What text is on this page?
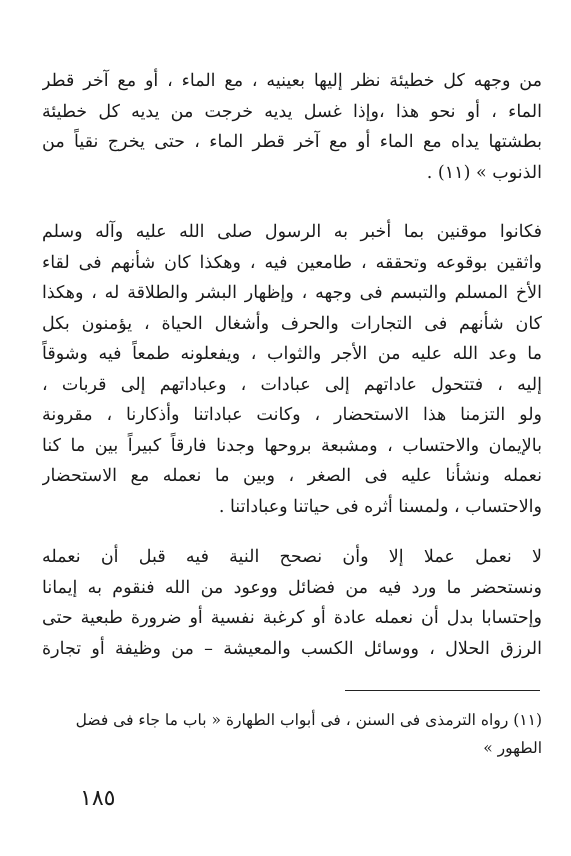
من وجهه كل خطيئة نظر إليها بعينيه ، مع الماء ، أو مع آخر قطر
الماء ، أو نحو هذا ،وإذا غسل يديه خرجت من يديه كل خطيئة
بطشتها يداه مع الماء أو مع آخر قطر الماء ، حتى يخرج نقياً من
الذنوب » (١١) .
فكانوا موقنين بما أخبر به الرسول صلى الله عليه وآله وسلم
واثقين بوقوعه وتحققه ، طامعين فيه ، وهكذا كان شأنهم فى لقاء
الأخ المسلم والتبسم فى وجهه ، وإظهار البشر والطلاقة له ، وهكذا
كان شأنهم فى التجارات والحرف وأشغال الحياة ، يؤمنون بكل
ما وعد الله عليه من الأجر والثواب ، ويفعلونه طمعاً فيه وشوقاً
إليه ، فتتحول عاداتهم إلى عبادات ، وعباداتهم إلى قربات ،
ولو التزمنا هذا الاستحضار ، وكانت عباداتنا وأذكارنا ، مقرونة
بالإيمان والاحتساب ، ومشبعة بروحها وجدنا فارقاً كبيراً بين ما كنا
نعمله ونشأنا عليه فى الصغر ، وبين ما نعمله مع الاستحضار
والاحتساب ، ولمسنا أثره فى حياتنا وعباداتنا .
لا نعمل عملا إلا وأن نصحح النية فيه قبل أن نعمله
ونستحضر ما ورد فيه من فضائل ووعود من الله فنقوم به إيمانا
وإحتسابا بدل أن نعمله عادة أو كرغبة نفسية أو ضرورة طبعية حتى
الرزق الحلال ، ووسائل الكسب والمعيشة – من وظيفة أو تجارة
(١١) رواه الترمذى فى السنن ، فى أبواب الطهارة « باب ما جاء فى فضل
الطهور »
١٨٥
